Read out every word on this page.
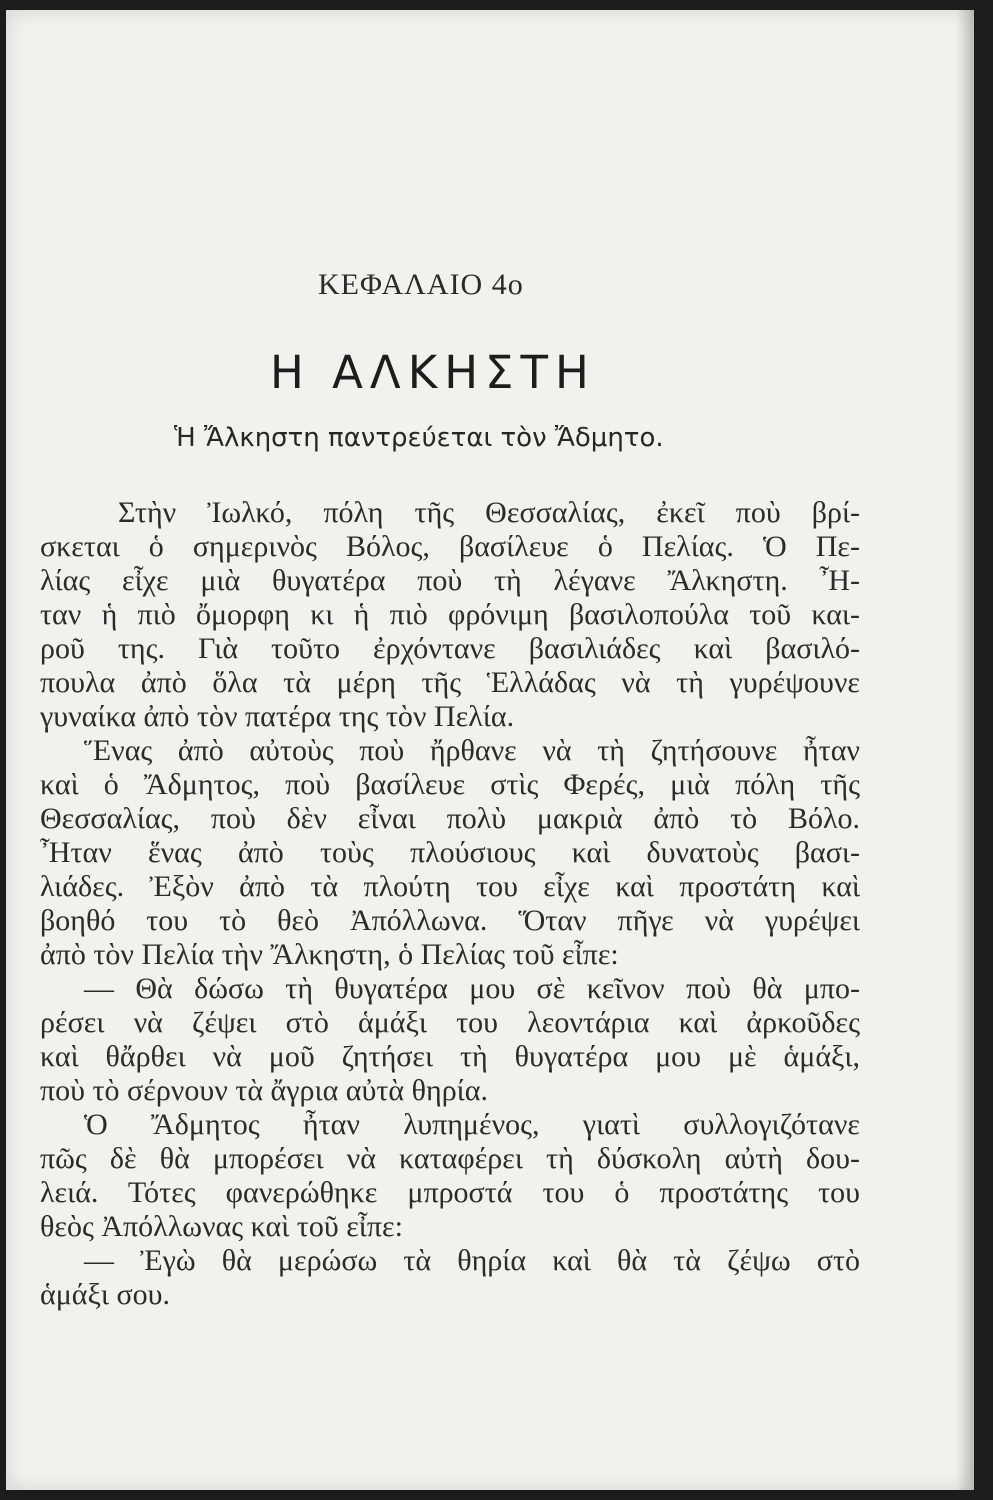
ΚΕΦΑΛΑΙΟ 4ο
Η ΑΛΚΗΣΤΗ
Ἡ Ἄλκηστη παντρεύεται τὸν Ἄδμητο.
Στὴν Ἰωλκό, πόλη τῆς Θεσσαλίας, ἐκεῖ ποὺ βρί-
σκεται ὁ σημερινὸς Βόλος, βασίλευε ὁ Πελίας. Ὁ Πε-
λίας εἶχε μιὰ θυγατέρα ποὺ τὴ λέγανε Ἄλκηστη. Ἦ-
ταν ἡ πιὸ ὄμορφη κι ἡ πιὸ φρόνιμη βασιλοπούλα τοῦ και-
ροῦ της. Γιὰ τοῦτο ἐρχόντανε βασιλιάδες καὶ βασιλό-
πουλα ἀπὸ ὅλα τὰ μέρη τῆς Ἑλλάδας νὰ τὴ γυρέψουνε
γυναίκα ἀπὸ τὸν πατέρα της τὸν Πελία.
Ἕνας ἀπὸ αὐτοὺς ποὺ ἤρθανε νὰ τὴ ζητήσουνε ἦταν
καὶ ὁ Ἄδμητος, ποὺ βασίλευε στὶς Φερές, μιὰ πόλη τῆς
Θεσσαλίας, ποὺ δὲν εἶναι πολὺ μακριὰ ἀπὸ τὸ Βόλο.
Ἦταν ἕνας ἀπὸ τοὺς πλούσιους καὶ δυνατοὺς βασι-
λιάδες. Ἐξὸν ἀπὸ τὰ πλούτη του εἶχε καὶ προστάτη καὶ
βοηθό του τὸ θεὸ Ἀπόλλωνα. Ὅταν πῆγε νὰ γυρέψει
ἀπὸ τὸν Πελία τὴν Ἄλκηστη, ὁ Πελίας τοῦ εἶπε:
— Θὰ δώσω τὴ θυγατέρα μου σὲ κεῖνον ποὺ θὰ μπο-
ρέσει νὰ ζέψει στὸ ἁμάξι του λεοντάρια καὶ ἀρκοῦδες
καὶ θἄρθει νὰ μοῦ ζητήσει τὴ θυγατέρα μου μὲ ἁμάξι,
ποὺ τὸ σέρνουν τὰ ἄγρια αὐτὰ θηρία.
Ὁ Ἄδμητος ἦταν λυπημένος, γιατὶ συλλογιζότανε
πῶς δὲ θὰ μπορέσει νὰ καταφέρει τὴ δύσκολη αὐτὴ δου-
λειά. Τότες φανερώθηκε μπροστά του ὁ προστάτης του
θεὸς Ἀπόλλωνας καὶ τοῦ εἶπε:
— Ἐγὼ θὰ μερώσω τὰ θηρία καὶ θὰ τὰ ζέψω στὸ
ἁμάξι σου.
